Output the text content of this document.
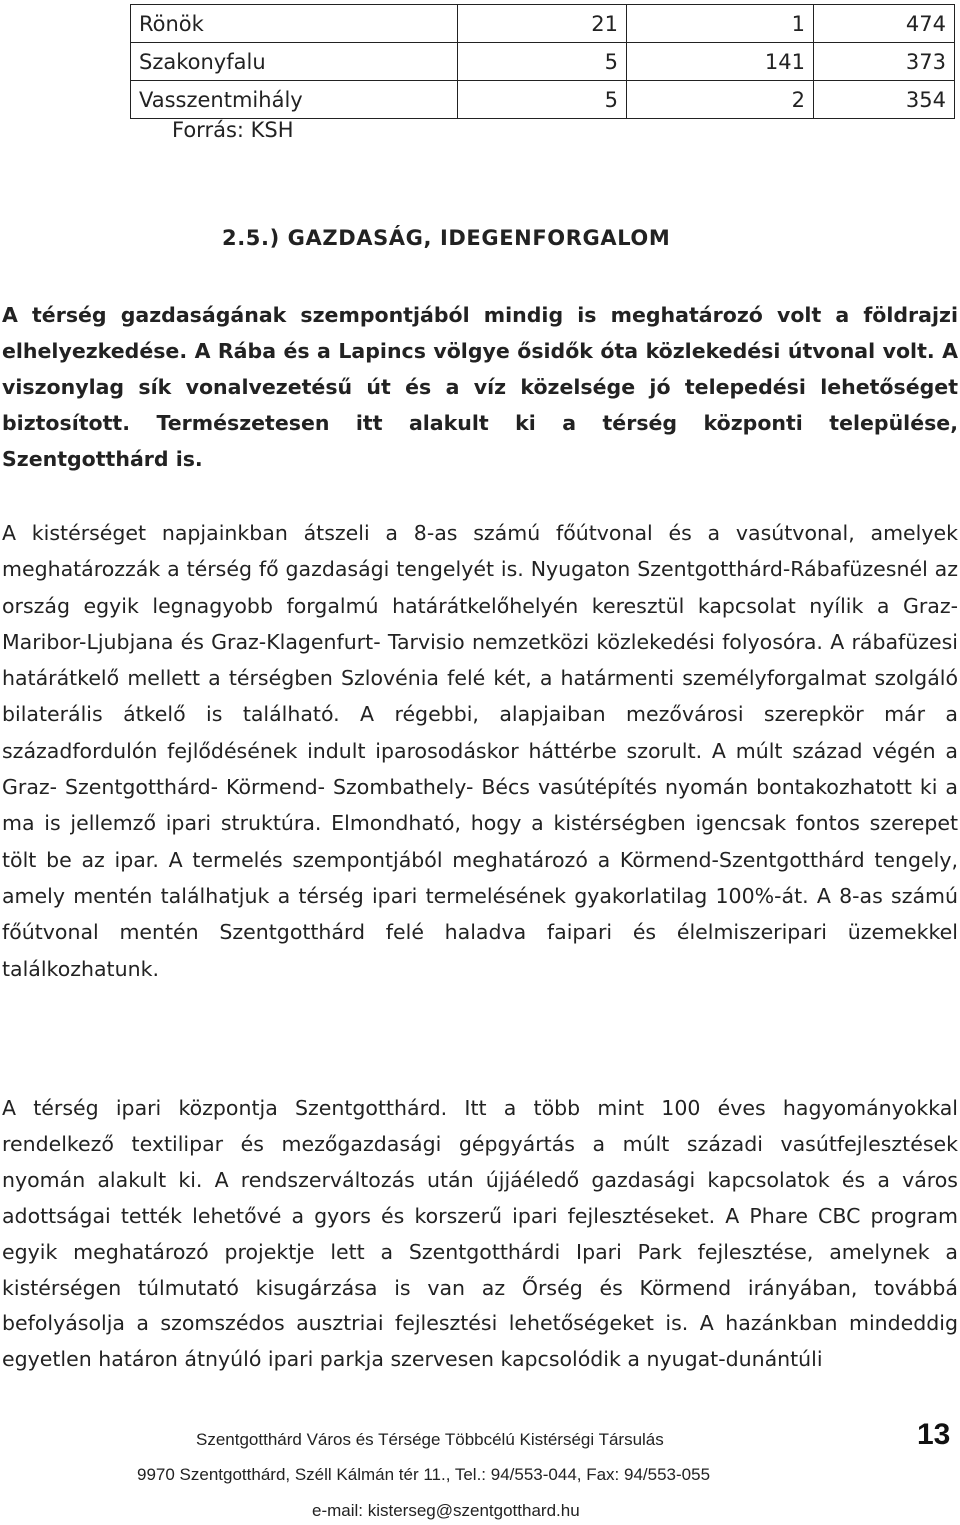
Rönök	21	1	474
Szakonyfalu	5	141	373
Vasszentmihály	5	2	354
Forrás: KSH
2.5.) GAZDASÁG, IDEGENFORGALOM

A térség gazdaságának szempontjából mindig is meghatározó volt a földrajzi elhelyezkedése. A Rába és a Lapincs völgye ősidők óta közlekedési útvonal volt. A viszonylag sík vonalvezetésű út és a víz közelsége jó telepedési lehetőséget biztosított. Természetesen itt alakult ki a térség központi települése, Szentgotthárd is.

A kistérséget napjainkban átszeli a 8-as számú főútvonal és a vasútvonal, amelyek meghatározzák a térség fő gazdasági tengelyét is. Nyugaton Szentgotthárd-Rábafüzesnél az ország egyik legnagyobb forgalmú határátkelőhelyén keresztül kapcsolat nyílik a Graz-Maribor-Ljubjana és Graz-Klagenfurt- Tarvisio nemzetközi közlekedési folyosóra. A rábafüzesi határátkelő mellett a térségben Szlovénia felé két, a határmenti személyforgalmat szolgáló bilaterális átkelő is található. A régebbi, alapjaiban mezővárosi szerepkör már a századfordulón fejlődésének indult iparosodáskor háttérbe szorult. A múlt század végén a Graz- Szentgotthárd- Körmend- Szombathely- Bécs vasútépítés nyomán bontakozhatott ki a ma is jellemző ipari struktúra. Elmondható, hogy a kistérségben igencsak fontos szerepet tölt be az ipar. A termelés szempontjából meghatározó a Körmend-Szentgotthárd tengely, amely mentén találhatjuk a térség ipari termelésének gyakorlatilag 100%-át. A 8-as számú főútvonal mentén Szentgotthárd felé haladva faipari és élelmiszeripari üzemekkel találkozhatunk.

A térség ipari központja Szentgotthárd. Itt a több mint 100 éves hagyományokkal rendelkező textilipar és mezőgazdasági gépgyártás a múlt századi vasútfejlesztések nyomán alakult ki. A rendszerváltozás után újjáéledő gazdasági kapcsolatok és a város adottságai tették lehetővé a gyors és korszerű ipari fejlesztéseket. A Phare CBC program egyik meghatározó projektje lett a Szentgotthárdi Ipari Park fejlesztése, amelynek a kistérségen túlmutató kisugárzása is van az Őrség és Körmend irányában, továbbá befolyásolja a szomszédos ausztriai fejlesztési lehetőségeket is. A hazánkban mindeddig egyetlen határon átnyúló ipari parkja szervesen kapcsolódik a nyugat-dunántúli

Szentgotthárd Város és Térsége Többcélú Kistérségi Társulás	13
9970 Szentgotthárd, Széll Kálmán tér 11., Tel.: 94/553-044, Fax: 94/553-055
e-mail: kisterseg@szentgotthard.hu
